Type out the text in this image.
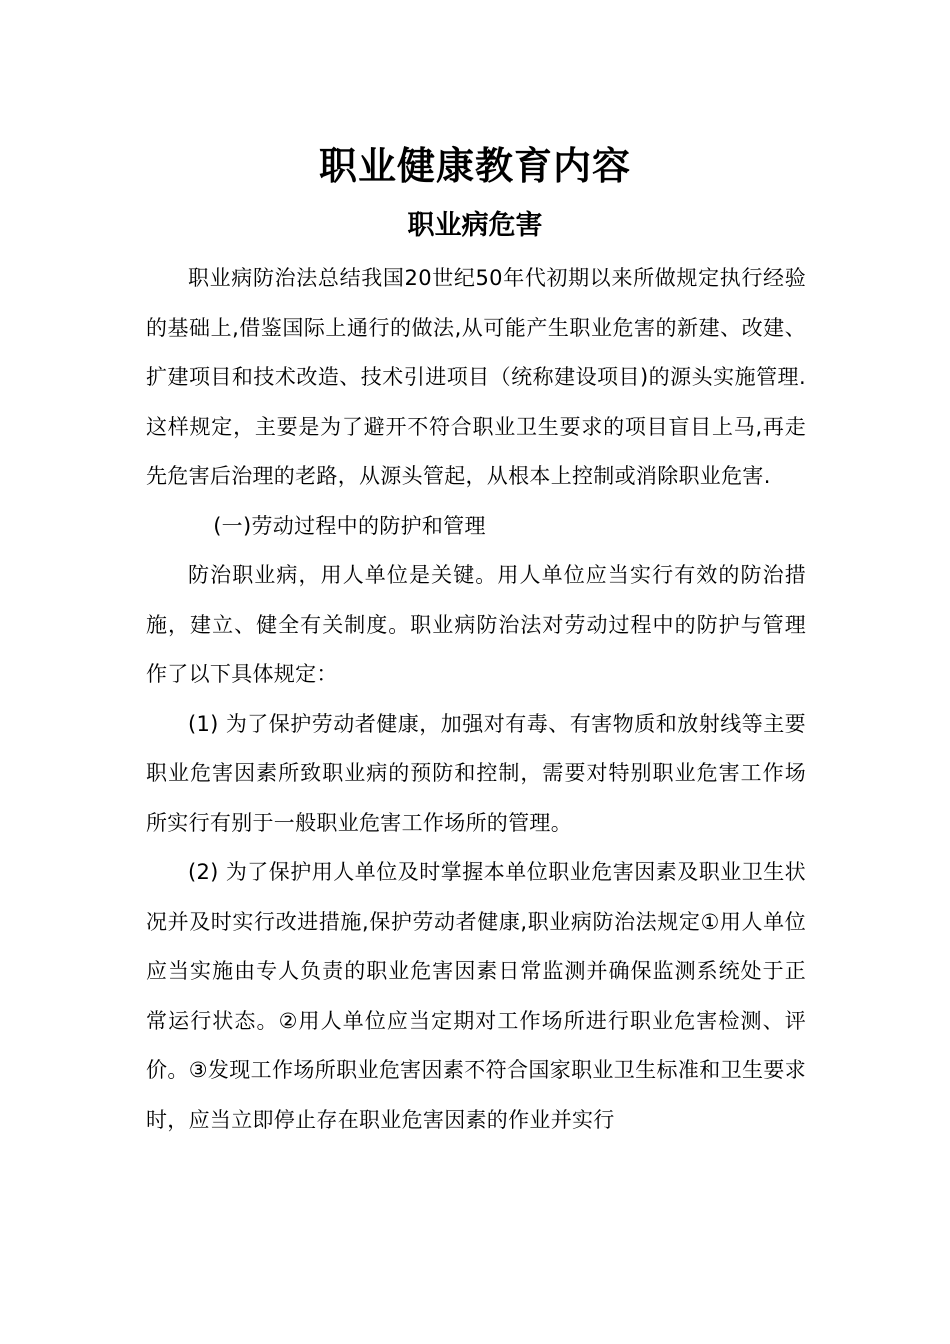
职业健康教育内容
职业病危害

职业病防治法总结我国20世纪50年代初期以来所做规定执行经验的基础上,借鉴国际上通行的做法,从可能产生职业危害的新建、改建、扩建项目和技术改造、技术引进项目（统称建设项目)的源头实施管理.这样规定，主要是为了避开不符合职业卫生要求的项目盲目上马,再走先危害后治理的老路，从源头管起，从根本上控制或消除职业危害.

(一)劳动过程中的防护和管理

防治职业病，用人单位是关键。用人单位应当实行有效的防治措施，建立、健全有关制度。职业病防治法对劳动过程中的防护与管理作了以下具体规定：

(1) 为了保护劳动者健康，加强对有毒、有害物质和放射线等主要职业危害因素所致职业病的预防和控制，需要对特别职业危害工作场所实行有别于一般职业危害工作场所的管理。

(2) 为了保护用人单位及时掌握本单位职业危害因素及职业卫生状况并及时实行改进措施,保护劳动者健康,职业病防治法规定①用人单位应当实施由专人负责的职业危害因素日常监测并确保监测系统处于正常运行状态。②用人单位应当定期对工作场所进行职业危害检测、评价。③发现工作场所职业危害因素不符合国家职业卫生标准和卫生要求时，应当立即停止存在职业危害因素的作业并实行
